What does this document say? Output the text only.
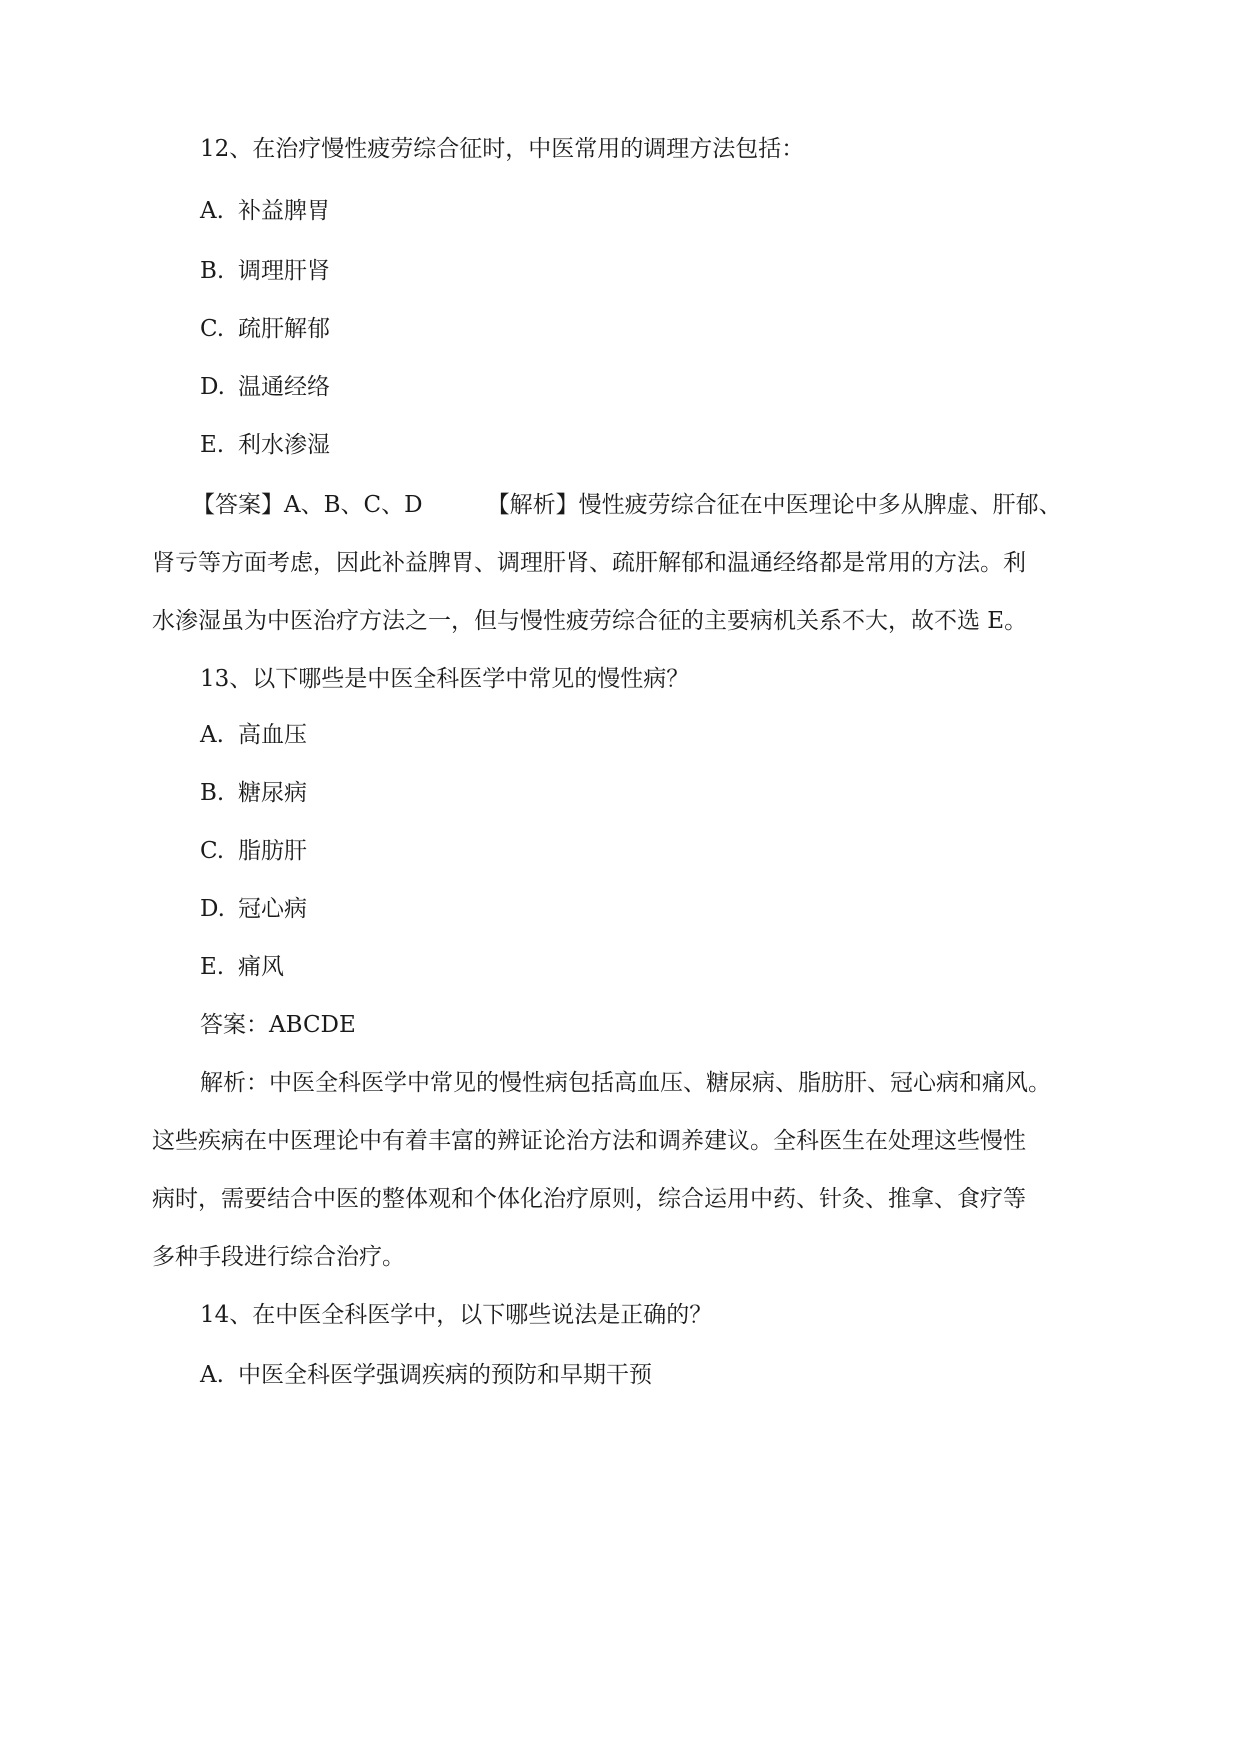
12、在治疗慢性疲劳综合征时，中医常用的调理方法包括：
A. 补益脾胃
B. 调理肝肾
C. 疏肝解郁
D. 温通经络
E. 利水渗湿
【答案】A、B、C、D	【解析】慢性疲劳综合征在中医理论中多从脾虚、肝郁、
肾亏等方面考虑，因此补益脾胃、调理肝肾、疏肝解郁和温通经络都是常用的方法。利
水渗湿虽为中医治疗方法之一，但与慢性疲劳综合征的主要病机关系不大，故不选 E。
13、以下哪些是中医全科医学中常见的慢性病？
A. 高血压
B. 糖尿病
C. 脂肪肝
D. 冠心病
E. 痛风
答案：ABCDE
解析：中医全科医学中常见的慢性病包括高血压、糖尿病、脂肪肝、冠心病和痛风。
这些疾病在中医理论中有着丰富的辨证论治方法和调养建议。全科医生在处理这些慢性
病时，需要结合中医的整体观和个体化治疗原则，综合运用中药、针灸、推拿、食疗等
多种手段进行综合治疗。
14、在中医全科医学中，以下哪些说法是正确的？
A. 中医全科医学强调疾病的预防和早期干预
